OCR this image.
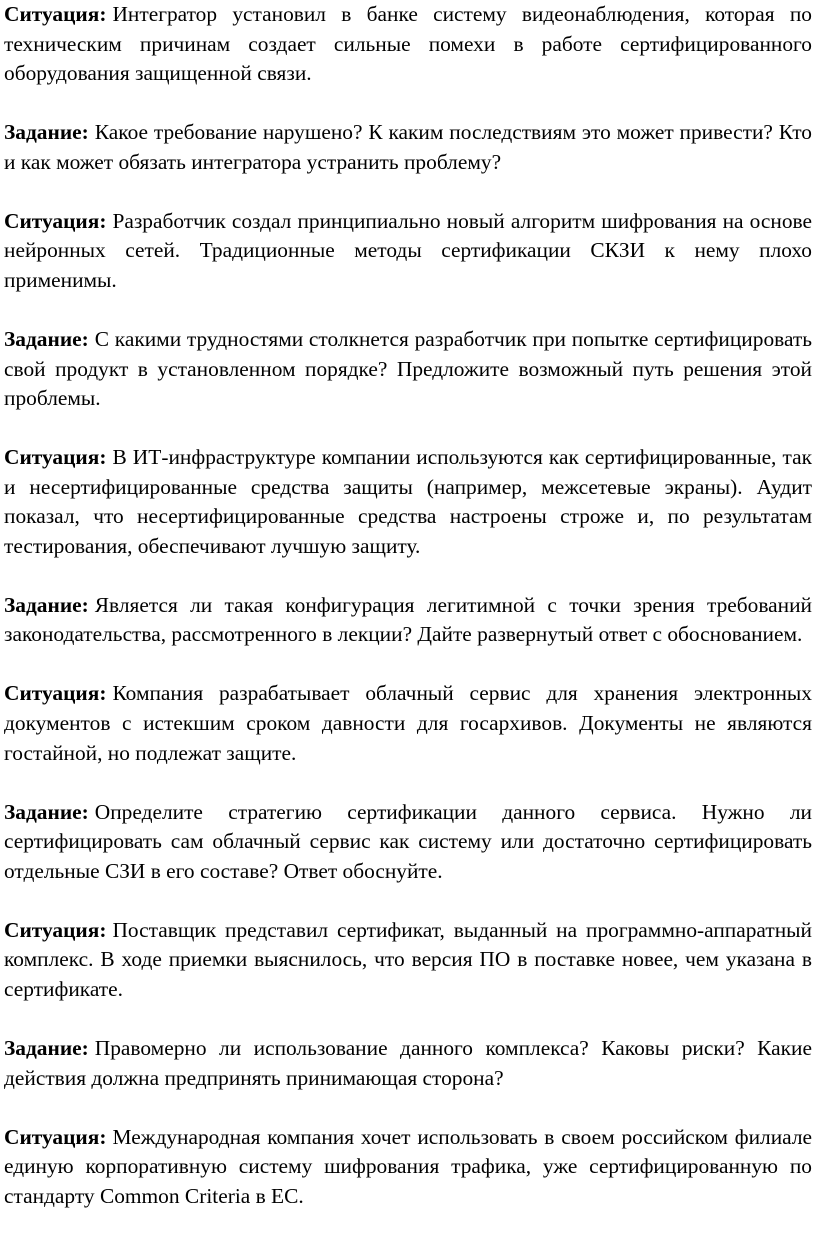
Ситуация: Интегратор установил в банке систему видеонаблюдения, которая по техническим причинам создает сильные помехи в работе сертифицированного оборудования защищенной связи.

Задание: Какое требование нарушено? К каким последствиям это может привести? Кто и как может обязать интегратора устранить проблему?

Ситуация: Разработчик создал принципиально новый алгоритм шифрования на основе нейронных сетей. Традиционные методы сертификации СКЗИ к нему плохо применимы.

Задание: С какими трудностями столкнется разработчик при попытке сертифицировать свой продукт в установленном порядке? Предложите возможный путь решения этой проблемы.

Ситуация: В ИТ-инфраструктуре компании используются как сертифицированные, так и несертифицированные средства защиты (например, межсетевые экраны). Аудит показал, что несертифицированные средства настроены строже и, по результатам тестирования, обеспечивают лучшую защиту.

Задание: Является ли такая конфигурация легитимной с точки зрения требований законодательства, рассмотренного в лекции? Дайте развернутый ответ с обоснованием.

Ситуация: Компания разрабатывает облачный сервис для хранения электронных документов с истекшим сроком давности для госархивов. Документы не являются гостайной, но подлежат защите.

Задание: Определите стратегию сертификации данного сервиса. Нужно ли сертифицировать сам облачный сервис как систему или достаточно сертифицировать отдельные СЗИ в его составе? Ответ обоснуйте.

Ситуация: Поставщик представил сертификат, выданный на программно-аппаратный комплекс. В ходе приемки выяснилось, что версия ПО в поставке новее, чем указана в сертификате.

Задание: Правомерно ли использование данного комплекса? Каковы риски? Какие действия должна предпринять принимающая сторона?

Ситуация: Международная компания хочет использовать в своем российском филиале единую корпоративную систему шифрования трафика, уже сертифицированную по стандарту Common Criteria в ЕС.
